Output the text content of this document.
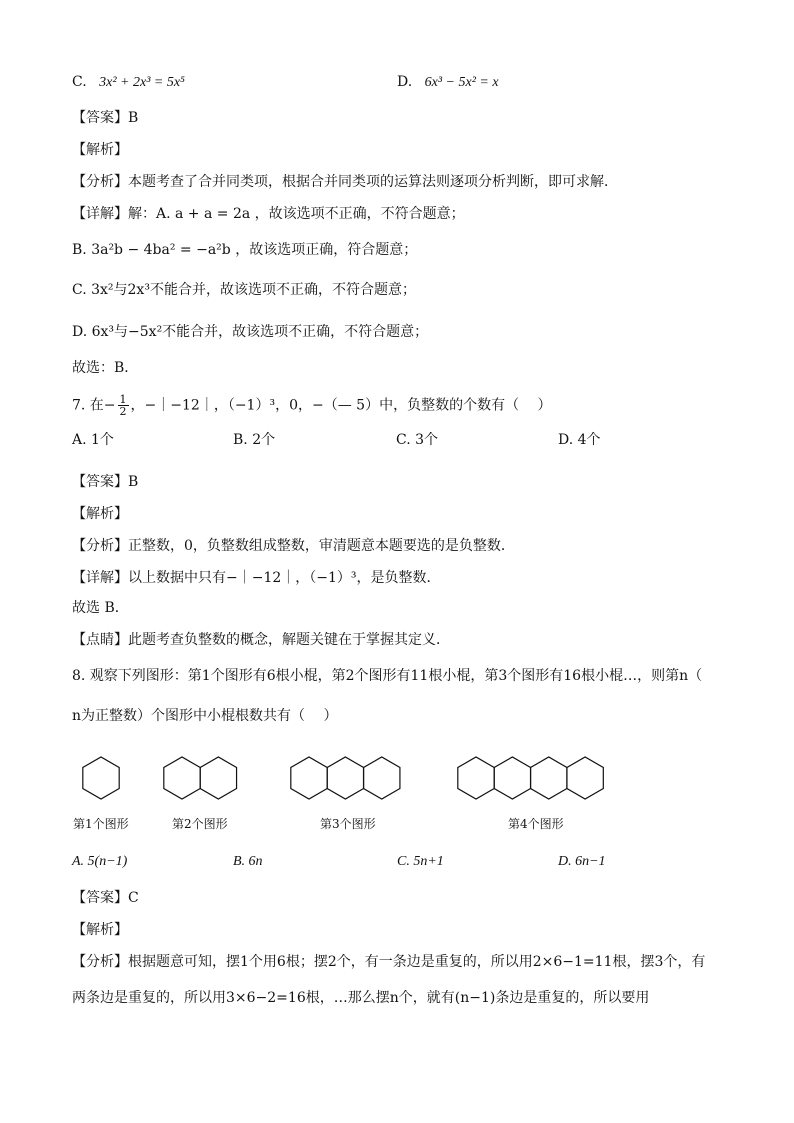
C. 3x² + 2x³ = 5x⁵	D. 6x³ − 5x² = x
【答案】B
【解析】
【分析】本题考查了合并同类项，根据合并同类项的运算法则逐项分析判断，即可求解．
【详解】解：A. a + a = 2a ，故该选项不正确，不符合题意；
B. 3a²b − 4ba² = −a²b ，故该选项正确，符合题意；
C. 3x²与2x³不能合并，故该选项不正确，不符合题意；
D. 6x³与−5x²不能合并，故该选项不正确，不符合题意；
故选：B．
7. 在− $\frac{1}{2}$ ，−｜−12｜，（−1）³，0，−（— 5）中，负整数的个数有（　 ）
A. 1个	B. 2个	C. 3个	D. 4个
【答案】B
【解析】
【分析】正整数，0，负整数组成整数，审清题意本题要选的是负整数．
【详解】以上数据中只有−｜−12｜，（−1）³，是负整数．
故选 B．
【点睛】此题考查负整数的概念，解题关键在于掌握其定义．
8. 观察下列图形：第1个图形有6根小棍，第2个图形有11根小棍，第3个图形有16根小棍…，则第n（
n为正整数）个图形中小棍根数共有（　 ）
第1个图形	第2个图形	第3个图形	第4个图形
A. 5(n−1)	B. 6n	C. 5n+1	D. 6n−1
【答案】C
【解析】
【分析】根据题意可知，摆1个用6根；摆2个，有一条边是重复的，所以用2×6−1=11根，摆3个，有
两条边是重复的，所以用3×6−2=16根，…那么摆n个，就有(n−1)条边是重复的，所以要用
